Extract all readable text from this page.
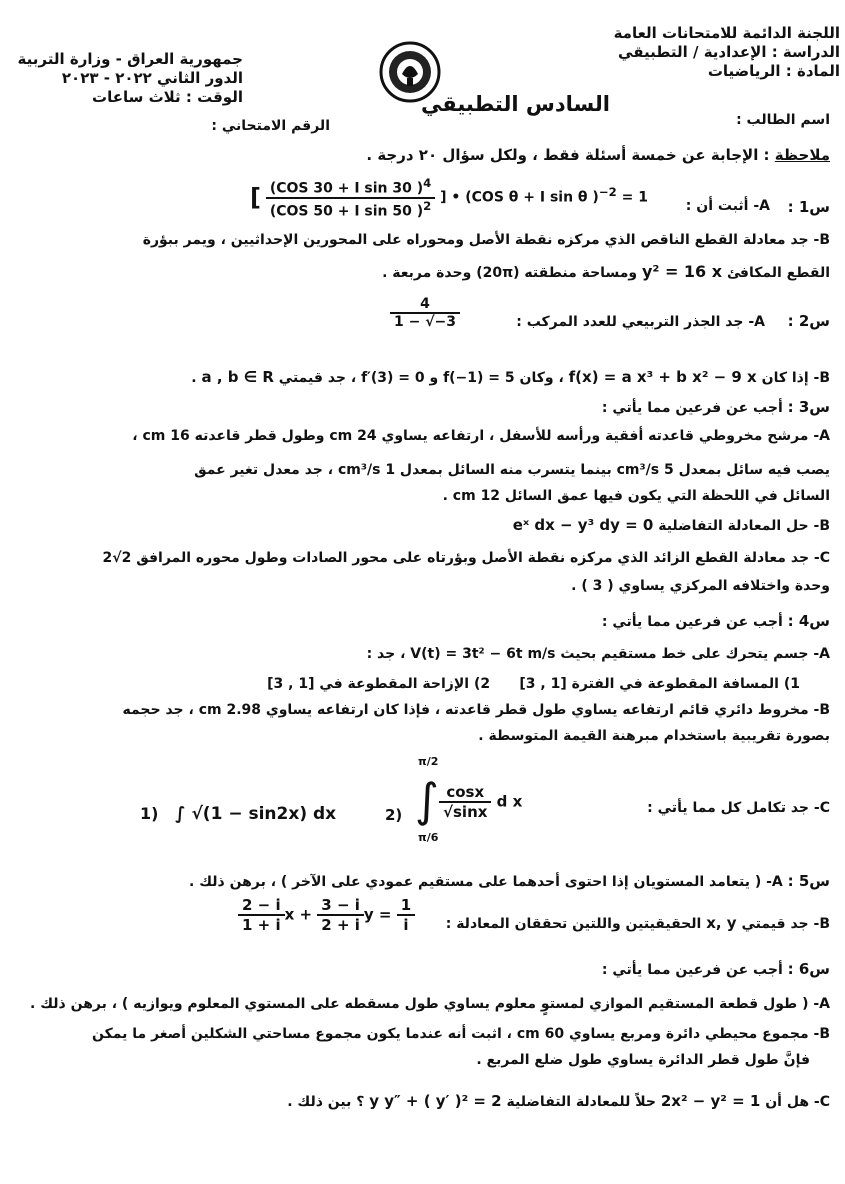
جمهورية العراق - وزارة التربية
الدور الثاني ٢٠٢٢ - ٢٠٢٣
الوقت : ثلاث ساعات
اللجنة الدائمة للامتحانات العامة
الدراسة : الإعدادية / التطبيقي
المادة : الرياضيات
السادس التطبيقي
اسم الطالب :
الرقم الامتحاني :
ملاحظة : الإجابة عن خمسة أسئلة فقط ، ولكل سؤال ٢٠ درجة .
س1 :
A- أثبت أن :
[ $\frac{(COS 30 + I \sin 30 )^4}{(COS 50 + I \sin 50 )^2}$ ] • (COS θ + I sin θ )$^{-2}$ = 1
B- جد معادلة القطع الناقص الذي مركزه نقطة الأصل ومحوراه على المحورين الإحداثيين ، ويمر ببؤرة
القطع المكافئ y² = 16 x ومساحة منطقته (20π) وحدة مربعة .
س2 :
A- جد الجذر التربيعي للعدد المركب :
$\frac{4}{1 - √-3}$
B- إذا كان f(x) = a x³ + b x² − 9 x ، وكان f(−1) = 5 و f′(3) = 0 ، جد قيمتي a , b ∈ R .
س3 : أجب عن فرعين مما يأتي :
A- مرشح مخروطي قاعدته أفقية ورأسه للأسفل ، ارتفاعه يساوي 24 cm وطول قطر قاعدته 16 cm ،
يصب فيه سائل بمعدل 5 cm³/s بينما يتسرب منه السائل بمعدل 1 cm³/s ، جد معدل تغير عمق
السائل في اللحظة التي يكون فيها عمق السائل 12 cm .
B- حل المعادلة التفاضلية eˣ dx − y³ dy = 0
C- جد معادلة القطع الزائد الذي مركزه نقطة الأصل وبؤرتاه على محور الصادات وطول محوره المرافق 2√2
وحدة واختلافه المركزي يساوي ( 3 ) .
س4 : أجب عن فرعين مما يأتي :
A- جسم يتحرك على خط مستقيم بحيث V(t) = 3t² − 6t m/s ، جد :
1) المسافة المقطوعة في الفترة [1 , 3]      2) الإزاحة المقطوعة في [1 , 3]
B- مخروط دائري قائم ارتفاعه يساوي طول قطر قاعدته ، فإذا كان ارتفاعه يساوي 2.98 cm ، جد حجمه
بصورة تقريبية باستخدام مبرهنة القيمة المتوسطة .
C- جد تكامل كل مما يأتي :
1) ∫ √(1 − sin2x) dx	2)
π/2
∫
π/6
$\frac{\cos x}{√\sin x}$ d x
س5 : A- ( يتعامد المستويان إذا احتوى أحدهما على مستقيم عمودي على الآخر ) ، برهن ذلك .
B- جد قيمتي x, y الحقيقيتين واللتين تحققان المعادلة :
$\frac{2 - i}{1 + i}$ $x + \frac{3 - i}{2 + i}$ $y = \frac{1}{i}$
س6 : أجب عن فرعين مما يأتي :
A- ( طول قطعة المستقيم الموازي لمستوٍ معلوم يساوي طول مسقطه على المستوي المعلوم ويوازيه ) ، برهن ذلك .
B- مجموع محيطي دائرة ومربع يساوي 60 cm ، اثبت أنه عندما يكون مجموع مساحتي الشكلين أصغر ما يمكن
فإنَّ طول قطر الدائرة يساوي طول ضلع المربع .
C- هل أن 2x² − y² = 1 حلاً للمعادلة التفاضلية y y″ + ( y′ )² = 2 ؟ بين ذلك .
